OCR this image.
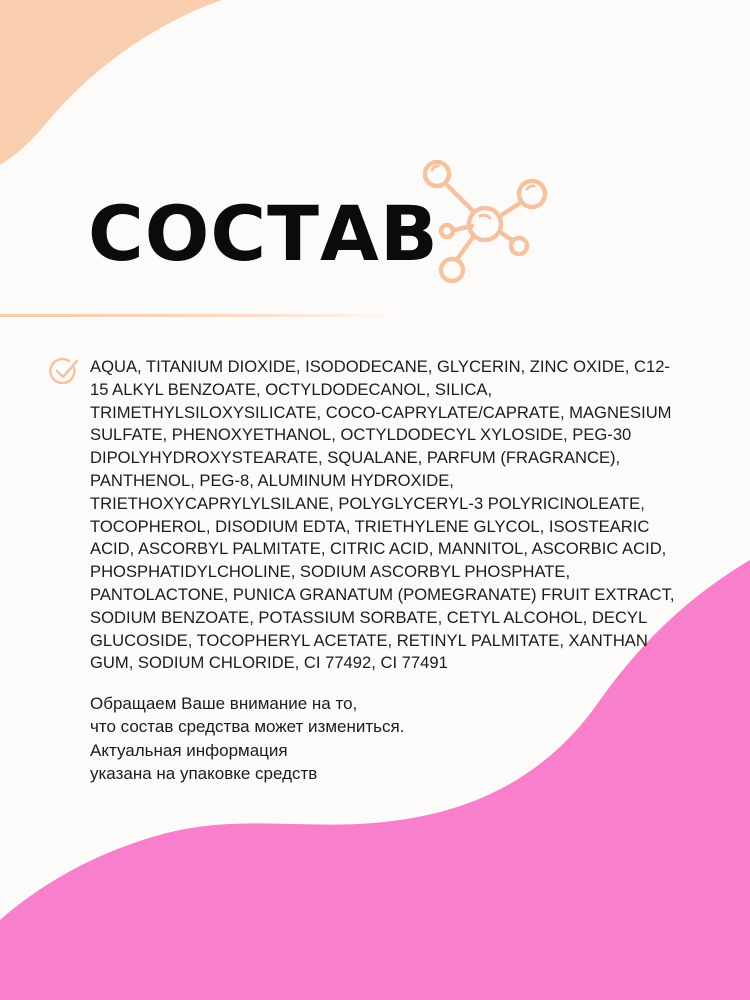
СОСТАВ

AQUA, TITANIUM DIOXIDE, ISODODECANE, GLYCERIN, ZINC OXIDE, C12-15 ALKYL BENZOATE, OCTYLDODECANOL, SILICA, TRIMETHYLSILOXYSILICATE, COCO-CAPRYLATE/CAPRATE, MAGNESIUM SULFATE, PHENOXYETHANOL, OCTYLDODECYL XYLOSIDE, PEG-30 DIPOLYHYDROXYSTEARATE, SQUALANE, PARFUM (FRAGRANCE), PANTHENOL, PEG-8, ALUMINUM HYDROXIDE, TRIETHOXYCAPRYLYLSILANE, POLYGLYCERYL-3 POLYRICINOLEATE, TOCOPHEROL, DISODIUM EDTA, TRIETHYLENE GLYCOL, ISOSTEARIC ACID, ASCORBYL PALMITATE, CITRIC ACID, MANNITOL, ASCORBIC ACID, PHOSPHATIDYLCHOLINE, SODIUM ASCORBYL PHOSPHATE, PANTOLACTONE, PUNICA GRANATUM (POMEGRANATE) FRUIT EXTRACT, SODIUM BENZOATE, POTASSIUM SORBATE, CETYL ALCOHOL, DECYL GLUCOSIDE, TOCOPHERYL ACETATE, RETINYL PALMITATE, XANTHAN GUM, SODIUM CHLORIDE, CI 77492, CI 77491

Обращаем Ваше внимание на то,
что состав средства может измениться.
Актуальная информация
указана на упаковке средств
